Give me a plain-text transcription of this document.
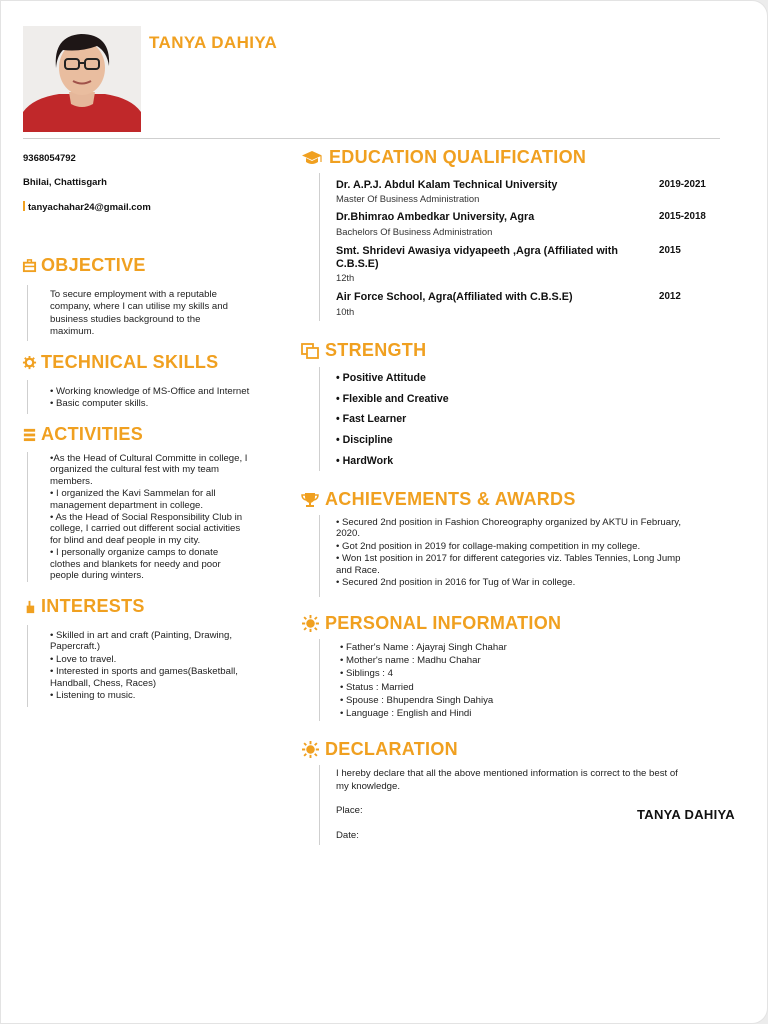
TANYA DAHIYA
9368054792
Bhilai, Chattisgarh
tanyachahar24@gmail.com
OBJECTIVE

To secure employment with a reputable

company, where I can utilise my skills and

business studies background to the

maximum.

TECHNICAL SKILLS

• Working knowledge of MS-Office and Internet

• Basic computer skills.

ACTIVITIES

•As the Head of Cultural Committe in college, I
organized the cultural fest with my team
members.

• I organized the Kavi Sammelan for all
management department in college.

• As the Head of Social Responsibility Club in
college, I carried out different social activities
for blind and deaf people in my city.

• I personally organize camps to donate
clothes and blankets for needy and poor
people during winters.

INTERESTS

• Skilled in art and craft (Painting, Drawing,
Papercraft.)

• Love to travel.

• Interested in sports and games(Basketball,
Handball, Chess, Races)

• Listening to music.

EDUCATION QUALIFICATION
Dr. A.P.J. Abdul Kalam Technical University
Master Of Business Administration
2019-2021
Dr.Bhimrao Ambedkar University, Agra
Bachelors Of Business Administration
2015-2018
Smt. Shridevi Awasiya vidyapeeth ,Agra (Affiliated with C.B.S.E)
12th
2015
Air Force School, Agra(Affiliated with C.B.S.E)
10th
2012
STRENGTH
• Positive Attitude
• Flexible and Creative
• Fast Learner
• Discipline
• HardWork
ACHIEVEMENTS & AWARDS

• Secured 2nd position in Fashion Choreography organized by AKTU in February,
2020.

• Got 2nd position in 2019 for collage-making competition in my college.

• Won 1st position in 2017 for different categories viz. Tables Tennies, Long Jump
and Race.

• Secured 2nd position in 2016 for Tug of War in college.

PERSONAL INFORMATION

• Father's Name : Ajayraj Singh Chahar

• Mother's name : Madhu Chahar

• Siblings : 4

• Status : Married

• Spouse : Bhupendra Singh Dahiya

• Language : English and Hindi

DECLARATION

I hereby declare that all the above mentioned information is correct to the best of

my knowledge.

Place:
Date:
TANYA DAHIYA
